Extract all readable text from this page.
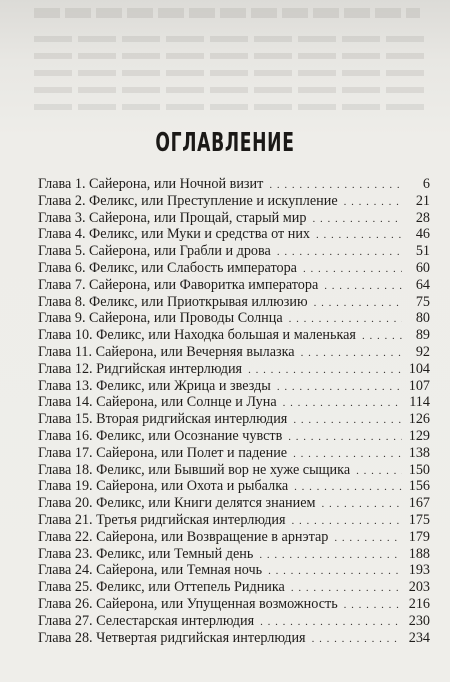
ОГЛАВЛЕНИЕ
Глава 1. Сайерона, или Ночной визит . . .	6
Глава 2. Феликс, или Преступление и искупление . . .	21
Глава 3. Сайерона, или Прощай, старый мир . . .	28
Глава 4. Феликс, или Муки и средства от них . . .	46
Глава 5. Сайерона, или Грабли и дрова . . .	51
Глава 6. Феликс, или Слабость императора . . .	60
Глава 7. Сайерона, или Фаворитка императора . . .	64
Глава 8. Феликс, или Приоткрывая иллюзию . . .	75
Глава 9. Сайерона, или Проводы Солнца . . .	80
Глава 10. Феликс, или Находка большая и маленькая . . .	89
Глава 11. Сайерона, или Вечерняя вылазка . . .	92
Глава 12. Ридгийская интерлюдия . . .	104
Глава 13. Феликс, или Жрица и звезды . . .	107
Глава 14. Сайерона, или Солнце и Луна . . .	114
Глава 15. Вторая ридгийская интерлюдия . . .	126
Глава 16. Феликс, или Осознание чувств . . .	129
Глава 17. Сайерона, или Полет и падение . . .	138
Глава 18. Феликс, или Бывший вор не хуже сыщика . . .	150
Глава 19. Сайерона, или Охота и рыбалка . . .	156
Глава 20. Феликс, или Книги делятся знанием . . .	167
Глава 21. Третья ридгийская интерлюдия . . .	175
Глава 22. Сайерона, или Возвращение в арнэтар . . .	179
Глава 23. Феликс, или Темный день . . .	188
Глава 24. Сайерона, или Темная ночь . . .	193
Глава 25. Феликс, или Оттепель Ридника . . .	203
Глава 26. Сайерона, или Упущенная возможность . . .	216
Глава 27. Селестарская интерлюдия . . .	230
Глава 28. Четвертая ридгийская интерлюдия . . .	234
